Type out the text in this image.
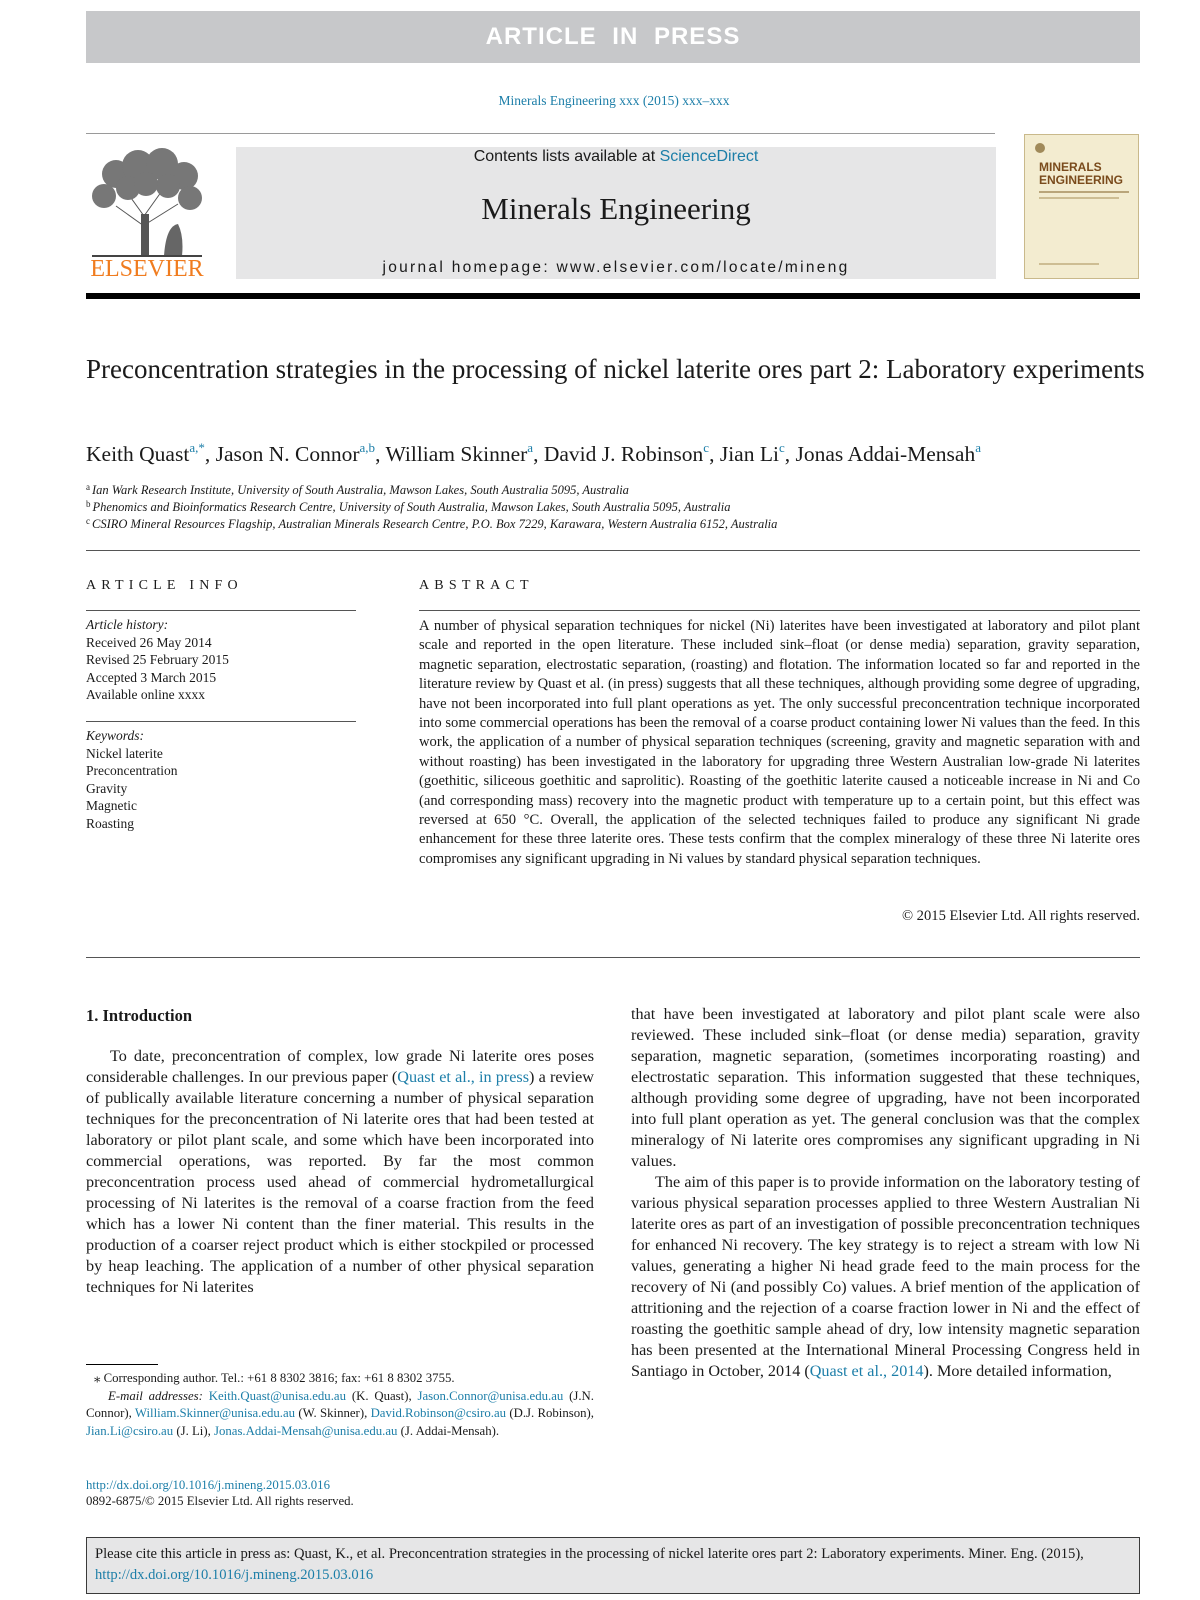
ARTICLE IN PRESS
Minerals Engineering xxx (2015) xxx–xxx
ELSEVIER
Contents lists available at ScienceDirect
Minerals Engineering
journal homepage: www.elsevier.com/locate/mineng
MINERALS ENGINEERING
Preconcentration strategies in the processing of nickel laterite ores part 2: Laboratory experiments
Keith Quast$^{a,*}$, Jason N. Connor$^{a,b}$, William Skinner$^a$, David J. Robinson$^c$, Jian Li$^c$, Jonas Addai-Mensah$^a$
$^a$ Ian Wark Research Institute, University of South Australia, Mawson Lakes, South Australia 5095, Australia
$^b$ Phenomics and Bioinformatics Research Centre, University of South Australia, Mawson Lakes, South Australia 5095, Australia
$^c$ CSIRO Mineral Resources Flagship, Australian Minerals Research Centre, P.O. Box 7229, Karawara, Western Australia 6152, Australia
ARTICLE INFO
Article history:
Received 26 May 2014
Revised 25 February 2015
Accepted 3 March 2015
Available online xxxx
Keywords:
Nickel laterite
Preconcentration
Gravity
Magnetic
Roasting
ABSTRACT
A number of physical separation techniques for nickel (Ni) laterites have been investigated at laboratory and pilot plant scale and reported in the open literature. These included sink–float (or dense media) separation, gravity separation, magnetic separation, electrostatic separation, (roasting) and flotation. The information located so far and reported in the literature review by Quast et al. (in press) suggests that all these techniques, although providing some degree of upgrading, have not been incorporated into full plant operations as yet. The only successful preconcentration technique incorporated into some commercial operations has been the removal of a coarse product containing lower Ni values than the feed. In this work, the application of a number of physical separation techniques (screening, gravity and magnetic separation with and without roasting) has been investigated in the laboratory for upgrading three Western Australian low-grade Ni laterites (goethitic, siliceous goethitic and saprolitic). Roasting of the goethitic laterite caused a noticeable increase in Ni and Co (and corresponding mass) recovery into the magnetic product with temperature up to a certain point, but this effect was reversed at 650 °C. Overall, the application of the selected techniques failed to produce any significant Ni grade enhancement for these three laterite ores. These tests confirm that the complex mineralogy of these three Ni laterite ores compromises any significant upgrading in Ni values by standard physical separation techniques.
© 2015 Elsevier Ltd. All rights reserved.
1. Introduction

To date, preconcentration of complex, low grade Ni laterite ores poses considerable challenges. In our previous paper (Quast et al., in press) a review of publically available literature concerning a number of physical separation techniques for the preconcentration of Ni laterite ores that had been tested at laboratory or pilot plant scale, and some which have been incorporated into commercial operations, was reported. By far the most common preconcentration process used ahead of commercial hydrometallurgical processing of Ni laterites is the removal of a coarse fraction from the feed which has a lower Ni content than the finer material. This results in the production of a coarser reject product which is either stockpiled or processed by heap leaching. The application of a number of other physical separation techniques for Ni laterites

that have been investigated at laboratory and pilot plant scale were also reviewed. These included sink–float (or dense media) separation, gravity separation, magnetic separation, (sometimes incorporating roasting) and electrostatic separation. This information suggested that these techniques, although providing some degree of upgrading, have not been incorporated into full plant operation as yet. The general conclusion was that the complex mineralogy of Ni laterite ores compromises any significant upgrading in Ni values.

The aim of this paper is to provide information on the laboratory testing of various physical separation processes applied to three Western Australian Ni laterite ores as part of an investigation of possible preconcentration techniques for enhanced Ni recovery. The key strategy is to reject a stream with low Ni values, generating a higher Ni head grade feed to the main process for the recovery of Ni (and possibly Co) values. A brief mention of the application of attritioning and the rejection of a coarse fraction lower in Ni and the effect of roasting the goethitic sample ahead of dry, low intensity magnetic separation has been presented at the International Mineral Processing Congress held in Santiago in October, 2014 (Quast et al., 2014). More detailed information,

⁎ Corresponding author. Tel.: +61 8 8302 3816; fax: +61 8 8302 3755.
E-mail addresses: Keith.Quast@unisa.edu.au (K. Quast), Jason.Connor@unisa.edu.au (J.N. Connor), William.Skinner@unisa.edu.au (W. Skinner), David.Robinson@csiro.au (D.J. Robinson), Jian.Li@csiro.au (J. Li), Jonas.Addai-Mensah@unisa.edu.au (J. Addai-Mensah).
http://dx.doi.org/10.1016/j.mineng.2015.03.016
0892-6875/© 2015 Elsevier Ltd. All rights reserved.
Please cite this article in press as: Quast, K., et al. Preconcentration strategies in the processing of nickel laterite ores part 2: Laboratory experiments. Miner. Eng. (2015), http://dx.doi.org/10.1016/j.mineng.2015.03.016
